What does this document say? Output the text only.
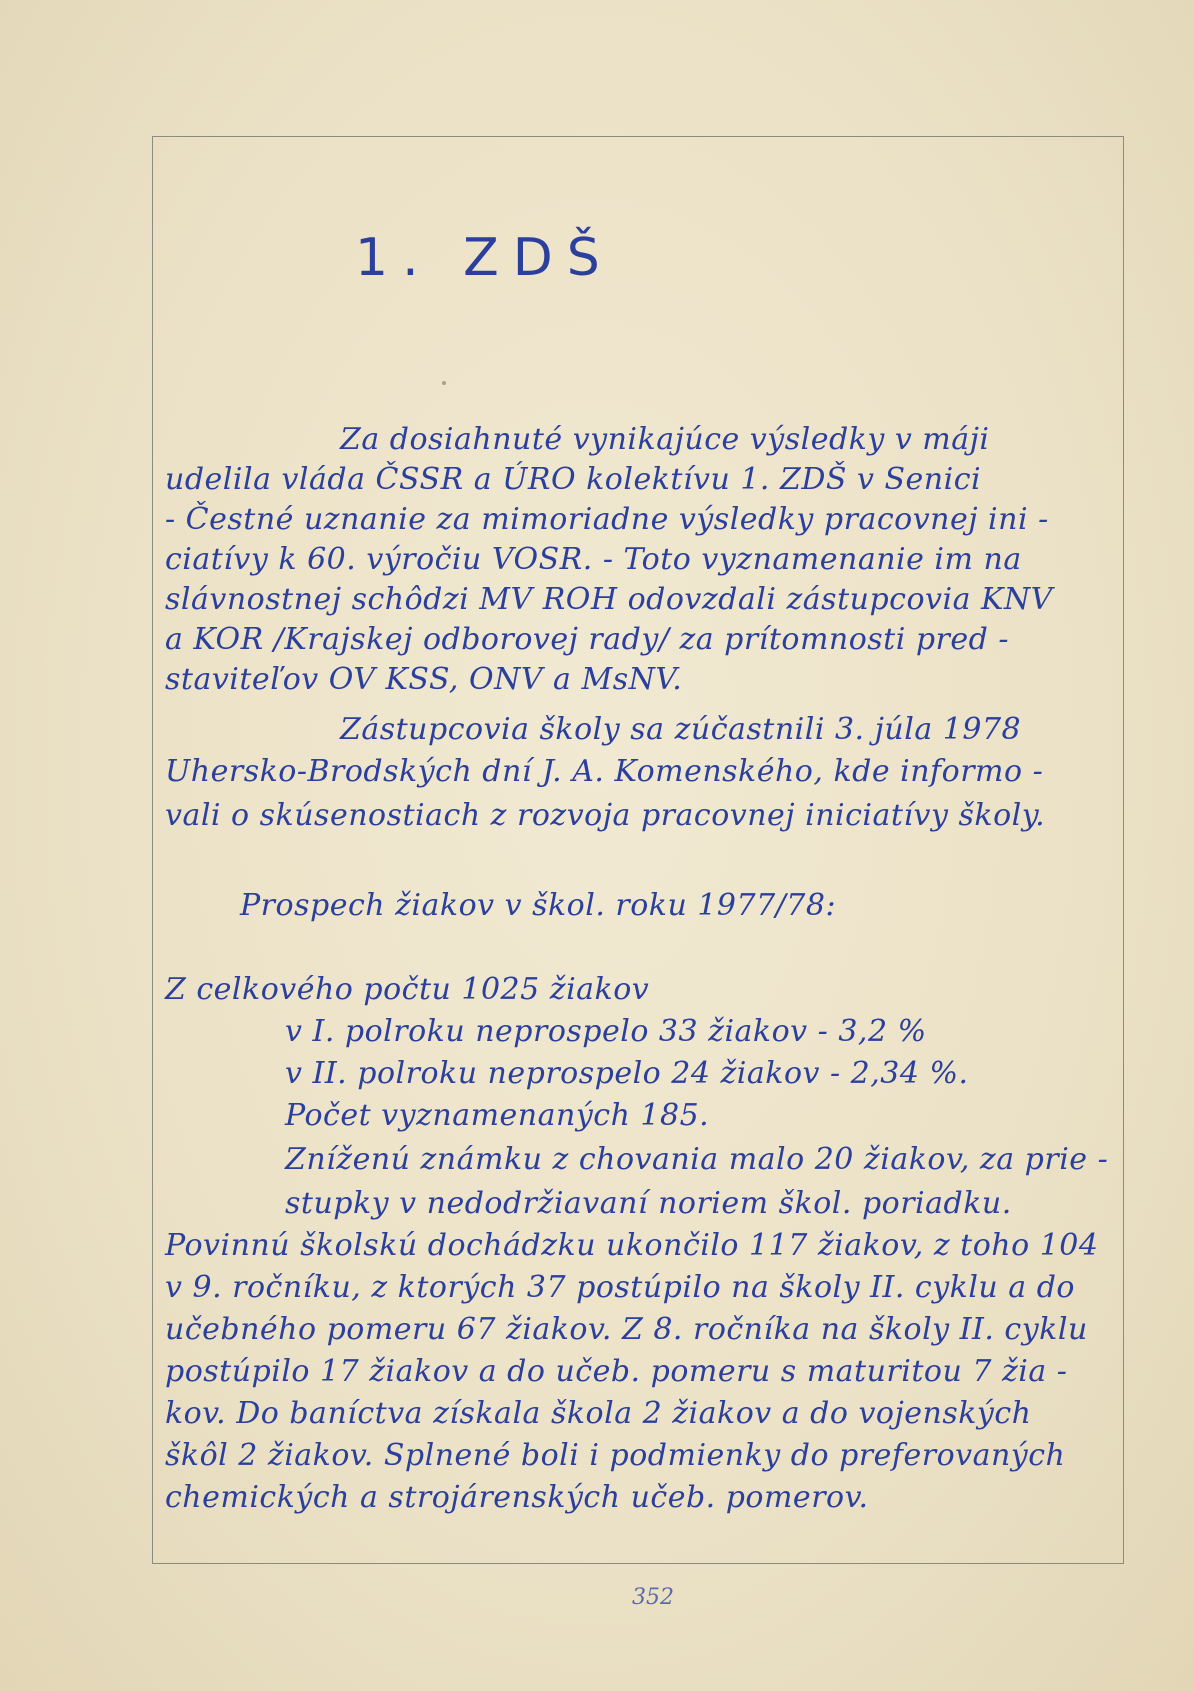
1. ZDŠ
Za dosiahnuté vynikajúce výsledky v máji
udelila vláda ČSSR a ÚRO kolektívu 1. ZDŠ v Senici
- Čestné uznanie za mimoriadne výsledky pracovnej ini -
ciatívy k 60. výročiu VOSR. - Toto vyznamenanie im na
slávnostnej schôdzi MV ROH odovzdali zástupcovia KNV
a KOR /Krajskej odborovej rady/ za prítomnosti pred -
staviteľov OV KSS, ONV a MsNV.
Zástupcovia školy sa zúčastnili 3. júla 1978
Uhersko-Brodských dní J. A. Komenského, kde informo -
vali o skúsenostiach z rozvoja pracovnej iniciatívy školy.
Prospech žiakov v škol. roku 1977/78:
Z celkového počtu 1025 žiakov
v I. polroku neprospelo 33 žiakov - 3,2 %
v II. polroku neprospelo 24 žiakov - 2,34 %.
Počet vyznamenaných 185.
Zníženú známku z chovania malo 20 žiakov, za prie -
stupky v nedodržiavaní noriem škol. poriadku.
Povinnú školskú dochádzku ukončilo 117 žiakov, z toho 104
v 9. ročníku, z ktorých 37 postúpilo na školy II. cyklu a do
učebného pomeru 67 žiakov. Z 8. ročníka na školy II. cyklu
postúpilo 17 žiakov a do učeb. pomeru s maturitou 7 žia -
kov. Do baníctva získala škola 2 žiakov a do vojenských
škôl 2 žiakov. Splnené boli i podmienky do preferovaných
chemických a strojárenských učeb. pomerov.
352
